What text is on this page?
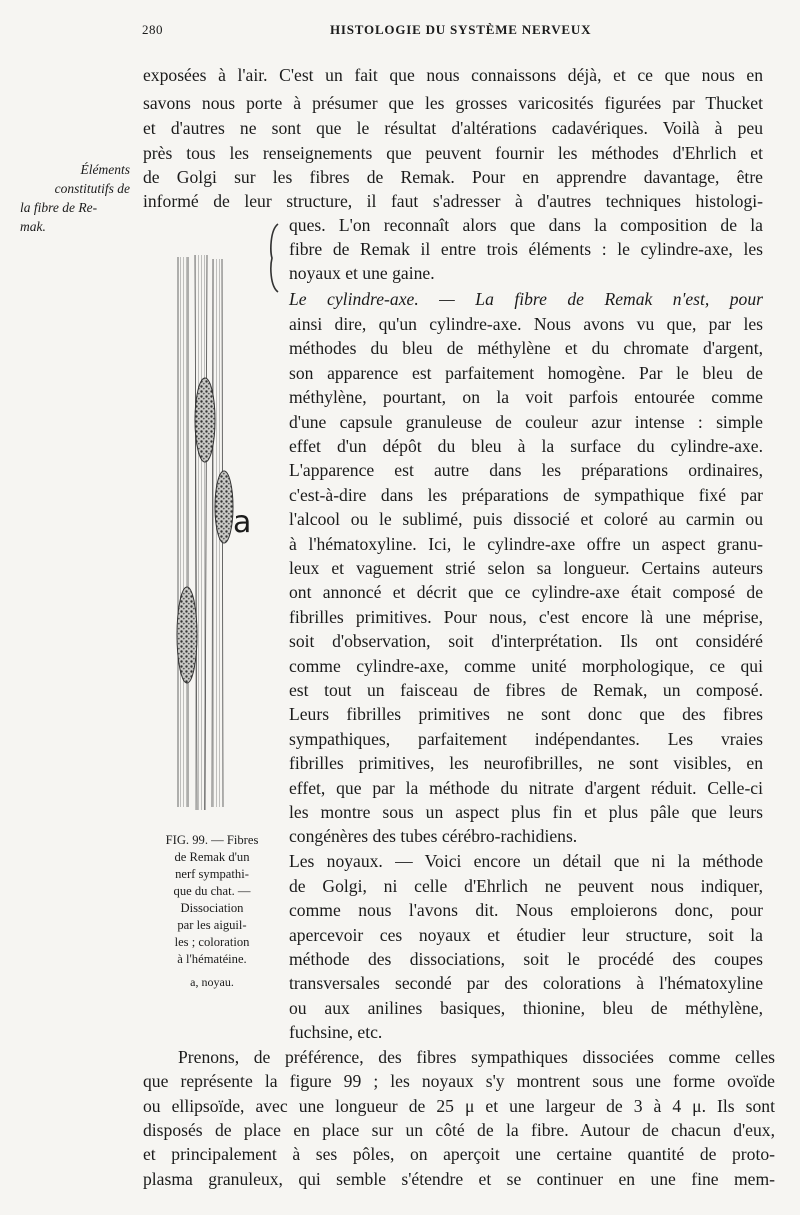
280	HISTOLOGIE DU SYSTÈME NERVEUX
Éléments
constitutifs de
la fibre de Re-
mak.
exposées à l'air. C'est un fait que nous connaissons déjà, et ce que nous en
savons nous porte à présumer que les grosses varicosités figurées par Thucket
et d'autres ne sont que le résultat d'altérations cadavériques. Voilà à peu
près tous les renseignements que peuvent fournir les méthodes d'Ehrlich et
de Golgi sur les fibres de Remak. Pour en apprendre davantage, être
informé de leur structure, il faut s'adresser à d'autres techniques histologi-
ques. L'on reconnaît alors que dans la composition de la
fibre de Remak il entre trois éléments : le cylindre-axe, les
noyaux et une gaine.
Le cylindre-axe. — La fibre de Remak n'est, pour
ainsi dire, qu'un cylindre-axe. Nous avons vu que, par les
méthodes du bleu de méthylène et du chromate d'argent,
son apparence est parfaitement homogène. Par le bleu de
méthylène, pourtant, on la voit parfois entourée comme
d'une capsule granuleuse de couleur azur intense : simple
effet d'un dépôt du bleu à la surface du cylindre-axe.
L'apparence est autre dans les préparations ordinaires,
c'est-à-dire dans les préparations de sympathique fixé par
l'alcool ou le sublimé, puis dissocié et coloré au carmin ou
à l'hématoxyline. Ici, le cylindre-axe offre un aspect granu-
leux et vaguement strié selon sa longueur. Certains auteurs
ont annoncé et décrit que ce cylindre-axe était composé de
fibrilles primitives. Pour nous, c'est encore là une méprise,
soit d'observation, soit d'interprétation. Ils ont considéré
comme cylindre-axe, comme unité morphologique, ce qui
est tout un faisceau de fibres de Remak, un composé.
Leurs fibrilles primitives ne sont donc que des fibres
sympathiques, parfaitement indépendantes. Les vraies
fibrilles primitives, les neurofibrilles, ne sont visibles, en
effet, que par la méthode du nitrate d'argent réduit. Celle-ci
les montre sous un aspect plus fin et plus pâle que leurs
congénères des tubes cérébro-rachidiens.
Les noyaux. — Voici encore un détail que ni la méthode
de Golgi, ni celle d'Ehrlich ne peuvent nous indiquer,
comme nous l'avons dit. Nous emploierons donc, pour
apercevoir ces noyaux et étudier leur structure, soit la
méthode des dissociations, soit le procédé des coupes
transversales secondé par des colorations à l'hématoxyline
ou aux anilines basiques, thionine, bleu de méthylène,
fuchsine, etc.
Prenons, de préférence, des fibres sympathiques dissociées comme celles
que représente la figure 99 ; les noyaux s'y montrent sous une forme ovoïde
ou ellipsoïde, avec une longueur de 25 μ et une largeur de 3 à 4 μ. Ils sont
disposés de place en place sur un côté de la fibre. Autour de chacun d'eux,
et principalement à ses pôles, on aperçoit une certaine quantité de proto-
plasma granuleux, qui semble s'étendre et se continuer en une fine mem-
a
FIG. 99. — Fibres
de Remak d'un
nerf sympathi-
que du chat. —
Dissociation
par les aiguil-
les ; coloration
à l'hématéine.
a, noyau.
